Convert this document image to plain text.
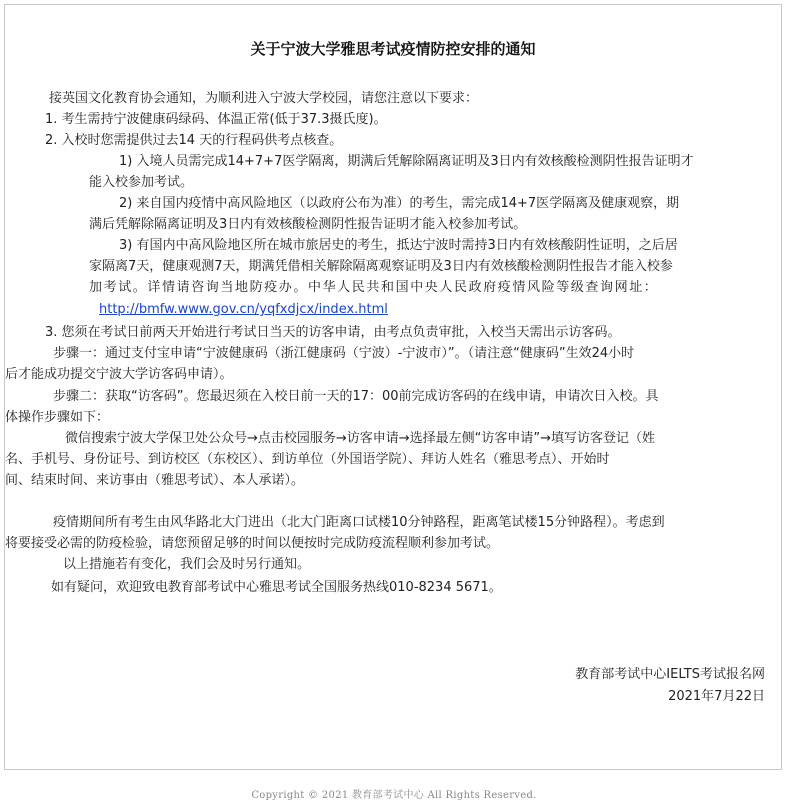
关于宁波大学雅思考试疫情防控安排的通知
接英国文化教育协会通知，为顺利进入宁波大学校园，请您注意以下要求：
1. 考生需持宁波健康码绿码、体温正常(低于37.3摄氏度)。
2. 入校时您需提供过去14 天的行程码供考点核查。
1) 入境人员需完成14+7+7医学隔离，期满后凭解除隔离证明及3日内有效核酸检测阴性报告证明才
能入校参加考试。
2) 来自国内疫情中高风险地区（以政府公布为准）的考生，需完成14+7医学隔离及健康观察，期
满后凭解除隔离证明及3日内有效核酸检测阴性报告证明才能入校参加考试。
3) 有国内中高风险地区所在城市旅居史的考生，抵达宁波时需持3日内有效核酸阴性证明，之后居
家隔离7天，健康观测7天，期满凭借相关解除隔离观察证明及3日内有效核酸检测阴性报告才能入校参
加考试。详情请咨询当地防疫办。中华人民共和国中央人民政府疫情风险等级查询网址：
http://bmfw.www.gov.cn/yqfxdjcx/index.html
3. 您须在考试日前两天开始进行考试日当天的访客申请，由考点负责审批，入校当天需出示访客码。
步骤一：通过支付宝申请“宁波健康码（浙江健康码（宁波）-宁波市）”。（请注意“健康码”生效24小时
后才能成功提交宁波大学访客码申请）。
步骤二：获取“访客码”。您最迟须在入校日前一天的17：00前完成访客码的在线申请，申请次日入校。具
体操作步骤如下：
微信搜索宁波大学保卫处公众号→点击校园服务→访客申请→选择最左侧“访客申请”→填写访客登记（姓
名、手机号、身份证号、到访校区（东校区）、到访单位（外国语学院）、拜访人姓名（雅思考点）、开始时
间、结束时间、来访事由（雅思考试）、本人承诺）。
疫情期间所有考生由风华路北大门进出（北大门距离口试楼10分钟路程，距离笔试楼15分钟路程）。考虑到
将要接受必需的防疫检验，请您预留足够的时间以便按时完成防疫流程顺利参加考试。
以上措施若有变化，我们会及时另行通知。
如有疑问，欢迎致电教育部考试中心雅思考试全国服务热线010-8234 5671。
教育部考试中心IELTS考试报名网
2021年7月22日
Copyright © 2021 教育部考试中心 All Rights Reserved.
